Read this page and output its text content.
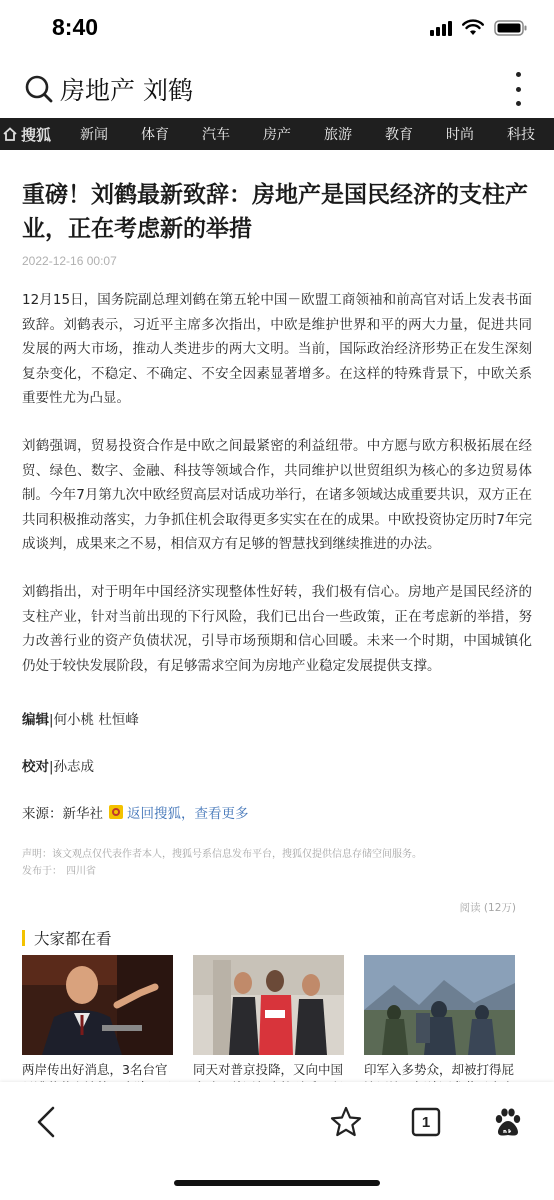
8:40
房地产 刘鹤
搜狐 新闻 体育 汽车 房产 旅游 教育 时尚 科技
重磅！刘鹤最新致辞：房地产是国民经济的支柱产业，正在考虑新的举措
2022-12-16 00:07

12月15日，国务院副总理刘鹤在第五轮中国－欧盟工商领袖和前高官对话上发表书面致辞。刘鹤表示，习近平主席多次指出，中欧是维护世界和平的两大力量，促进共同发展的两大市场，推动人类进步的两大文明。当前，国际政治经济形势正在发生深刻复杂变化，不稳定、不确定、不安全因素显著增多。在这样的特殊背景下，中欧关系重要性尤为凸显。

刘鹤强调，贸易投资合作是中欧之间最紧密的利益纽带。中方愿与欧方积极拓展在经贸、绿色、数字、金融、科技等领域合作，共同维护以世贸组织为核心的多边贸易体制。今年7月第九次中欧经贸高层对话成功举行，在诸多领域达成重要共识，双方正在共同积极推动落实，力争抓住机会取得更多实实在在的成果。中欧投资协定历时7年完成谈判，成果来之不易，相信双方有足够的智慧找到继续推进的办法。

刘鹤指出，对于明年中国经济实现整体性好转，我们极有信心。房地产是国民经济的支柱产业，针对当前出现的下行风险，我们已出台一些政策，正在考虑新的举措，努力改善行业的资产负债状况，引导市场预期和信心回暖。未来一个时期，中国城镇化仍处于较快发展阶段，有足够需求空间为房地产业稳定发展提供支撑。

编辑|何小桃 杜恒峰
校对|孙志成
来源： 新华社 返回搜狐， 查看更多
声明：该文观点仅代表作者本人，搜狐号系信息发布平台，搜狐仅提供信息存储空间服务。
发布于： 四川省
阅读 (12万)
大家都在看
两岸传出好消息，3名台官	同天对普京投降，又向中国 印军入多势众，却被打得屁
1
